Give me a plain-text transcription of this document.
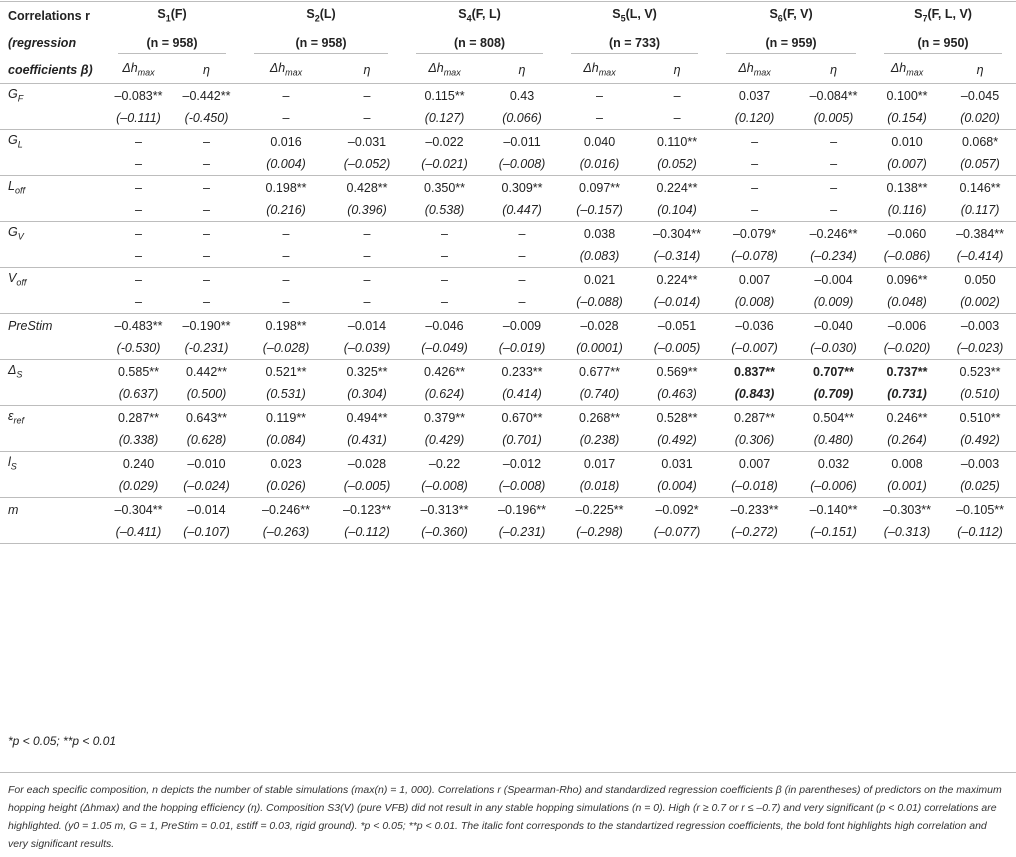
Correlations r	$S_1(F)$		$S_2(L)$		$S_4(F$, L)		$S_5(L$, V)		$S_6(F$, V)		$S_7(F$, L, V)	
(regression	(n = 958)		(n = 958)		(n = 808)		(n = 733)		(n = 959)		(n = 950)	
coefficients β)	$\Delta h_{max}$	η	$\Delta h_{max}$	η	$\Delta h_{max}$	η	$\Delta h_{max}$	η	$\Delta h_{max}$	η	$\Delta h_{max}$	η
$G_F$	–0.083**	–0.442**	–	–	0.115**	0.43	–	–	0.037	–0.084**	0.100**	–0.045
	(–0.111)	(-0.450)	–	–	(0.127)	(0.066)	–	–	(0.120)	(0.005)	(0.154)	(0.020)
$G_L$	–	–	0.016	–0.031	–0.022	–0.011	0.040	0.110**	–	–	0.010	0.068*
	–	–	(0.004)	(–0.052)	(–0.021)	(–0.008)	(0.016)	(0.052)	–	–	(0.007)	(0.057)
$L_{off}$	–	–	0.198**	0.428**	0.350**	0.309**	0.097**	0.224**	–	–	0.138**	0.146**
	–	–	(0.216)	(0.396)	(0.538)	(0.447)	(–0.157)	(0.104)	–	–	(0.116)	(0.117)
$G_V$	–	–	–	–	–	–	0.038	–0.304**	–0.079*	–0.246**	–0.060	–0.384**
	–	–	–	–	–	–	(0.083)	(–0.314)	(–0.078)	(–0.234)	(–0.086)	(–0.414)
$V_{off}$	–	–	–	–	–	–	0.021	0.224**	0.007	–0.004	0.096**	0.050
	–	–	–	–	–	–	(–0.088)	(–0.014)	(0.008)	(0.009)	(0.048)	(0.002)
PreStim	–0.483**	–0.190**	0.198**	–0.014	–0.046	–0.009	–0.028	–0.051	–0.036	–0.040	–0.006	–0.003
	(-0.530)	(-0.231)	(–0.028)	(–0.039)	(–0.049)	(–0.019)	(0.0001)	(–0.005)	(–0.007)	(–0.030)	(–0.020)	(–0.023)
$\Delta_S$	0.585**	0.442**	0.521**	0.325**	0.426**	0.233**	0.677**	0.569**	0.837**	0.707**	0.737**	0.523**
	(0.637)	(0.500)	(0.531)	(0.304)	(0.624)	(0.414)	(0.740)	(0.463)	(0.843)	(0.709)	(0.731)	(0.510)
$\varepsilon_{ref}$	0.287**	0.643**	0.119**	0.494**	0.379**	0.670**	0.268**	0.528**	0.287**	0.504**	0.246**	0.510**
	(0.338)	(0.628)	(0.084)	(0.431)	(0.429)	(0.701)	(0.238)	(0.492)	(0.306)	(0.480)	(0.264)	(0.492)
$l_S$	0.240	–0.010	0.023	–0.028	–0.22	–0.012	0.017	0.031	0.007	0.032	0.008	–0.003
	(0.029)	(–0.024)	(0.026)	(–0.005)	(–0.008)	(–0.008)	(0.018)	(0.004)	(–0.018)	(–0.006)	(0.001)	(0.025)
m	–0.304**	–0.014	–0.246**	–0.123**	–0.313**	–0.196**	–0.225**	–0.092*	–0.233**	–0.140**	–0.303**	–0.105**
	(–0.411)	(–0.107)	(–0.263)	(–0.112)	(–0.360)	(–0.231)	(–0.298)	(–0.077)	(–0.272)	(–0.151)	(–0.313)	(–0.112)
*p < 0.05; **p < 0.01

For each specific composition, n depicts the number of stable simulations (max(n) = 1, 000). Correlations r (Spearman-Rho) and standardized regression coefficients β (in parentheses) of predictors on the maximum hopping height (Δhmax) and the hopping efficiency (η). Composition S3(V) (pure VFB) did not result in any stable hopping simulations (n = 0). High (r ≥ 0.7 or r ≤ –0.7) and very significant (p < 0.01) correlations are highlighted. (y0 = 1.05 m, G = 1, PreStim = 0.01, εstiff = 0.03, rigid ground). *p < 0.05; **p < 0.01. The italic font corresponds to the standartized regression coefficients, the bold font highlights high correlation and very significant results.
